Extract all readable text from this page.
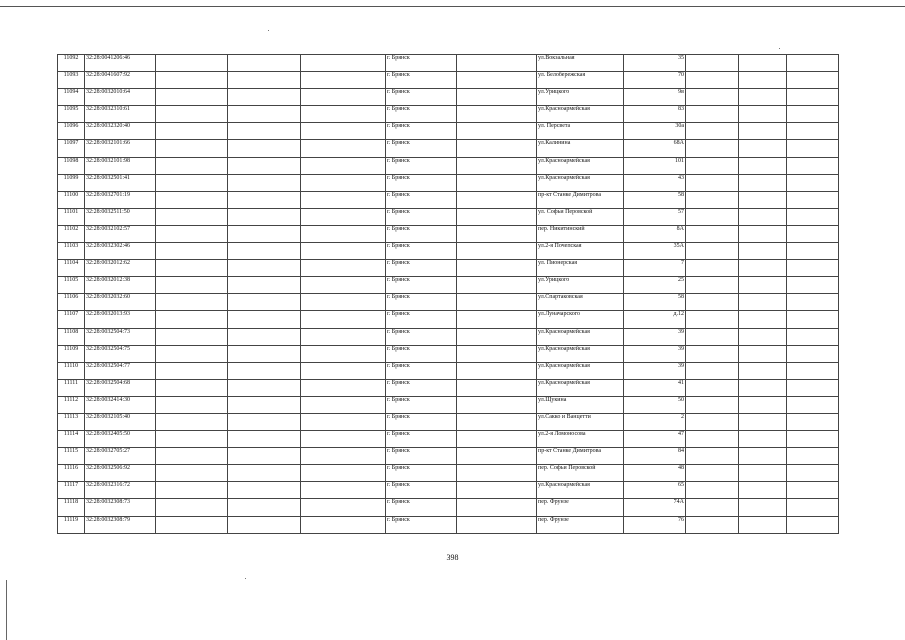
11092	32:28:0041206:46				г. Брянск		ул.Вокзальная	35			
11093	32:28:0041607:92				г. Брянск		ул. Белобережская	70			
11094	32:28:0032010:64				г. Брянск		ул.Урицкого	9в			
11095	32:28:0032310:61				г. Брянск		ул.Красноармейская	83			
11096	32:28:0032320:40				г. Брянск		ул. Персвета	30а			
11097	32:28:0032101:66				г. Брянск		ул.Калинина	68А			
11098	32:28:0032101:98				г. Брянск		ул.Красноармейская	101			
11099	32:28:0032501:41				г. Брянск		ул.Красноармейская	43			
11100	32:28:0032701:19				г. Брянск		пр-кт Станке Димитрова	58			
11101	32:28:0032511:50				г. Брянск		ул. Софьи Перовской	57			
11102	32:28:0032102:57				г. Брянск		пер. Никитинский	8А			
11103	32:28:0032302:46				г. Брянск		ул.2-я Почепская	35А			
11104	32:28:0032012:62				г. Брянск		ул. Пионерская	7			
11105	32:28:0032012:38				г. Брянск		ул.Урицкого	25			
11106	32:28:0032032:60				г. Брянск		ул.Спартаковская	58			
11107	32:28:0032013:93				г. Брянск		ул.Луначарского	д.12			
11108	32:28:0032504:73				г. Брянск		ул.Красноармейская	39			
11109	32:28:0032504:75				г. Брянск		ул.Красноармейская	39			
11110	32:28:0032504:77				г. Брянск		ул.Красноармейская	39			
11111	32:28:0032504:68				г. Брянск		ул.Красноармейская	41			
11112	32:28:0032414:30				г. Брянск		ул.Щукина	50			
11113	32:28:0032105:40				г. Брянск		ул.Сакко и Ванцетти	2			
11114	32:28:0032405:50				г. Брянск		ул.2-я Ломоносова	47			
11115	32:28:0032705:27				г. Брянск		пр-кт Станке Димитрова	84			
11116	32:28:0032506:92				г. Брянск		пер. Софьи Перовской	48			
11117	32:28:0032316:72				г. Брянск		ул.Красноармейская	65			
11118	32:28:0032308:73				г. Брянск		пер. Фрунзе	74А			
11119	32:28:0032308:79				г. Брянск		пер. Фрунзе	76			
398
